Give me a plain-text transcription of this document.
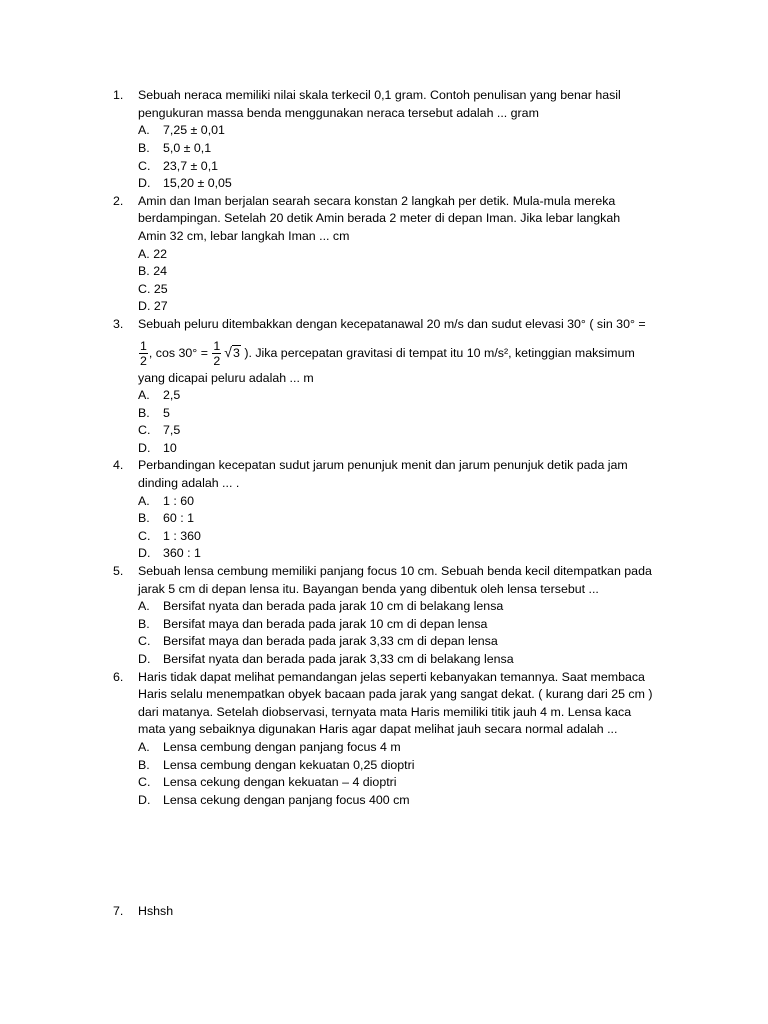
1. Sebuah neraca memiliki nilai skala terkecil 0,1 gram. Contoh penulisan yang benar hasil
pengukuran massa benda menggunakan neraca tersebut adalah ... gram
A. 7,25 ± 0,01
B. 5,0 ± 0,1
C. 23,7 ± 0,1
D. 15,20 ± 0,05
2. Amin dan Iman berjalan searah secara konstan 2 langkah per detik. Mula-mula mereka
berdampingan. Setelah 20 detik Amin berada 2 meter di depan Iman. Jika lebar langkah
Amin 32 cm, lebar langkah Iman ... cm
A. 22
B. 24
C. 25
D. 27
3. Sebuah peluru ditembakkan dengan kecepatanawal 20 m/s dan sudut elevasi 30° ( sin 30° =
$\frac{1}{2}$ , $\cos 30^\circ = \frac{1}{2} √3$ ). Jika percepatan gravitasi di tempat itu 10 m/s², ketinggian maksimum
yang dicapai peluru adalah ... m
A. 2,5
B. 5
C. 7,5
D. 10
4. Perbandingan kecepatan sudut jarum penunjuk menit dan jarum penunjuk detik pada jam
dinding adalah ... .
A. 1 : 60
B. 60 : 1
C. 1 : 360
D. 360 : 1
5. Sebuah lensa cembung memiliki panjang focus 10 cm. Sebuah benda kecil ditempatkan pada
jarak 5 cm di depan lensa itu. Bayangan benda yang dibentuk oleh lensa tersebut ...
A. Bersifat nyata dan berada pada jarak 10 cm di belakang lensa
B. Bersifat maya dan berada pada jarak 10 cm di depan lensa
C. Bersifat maya dan berada pada jarak 3,33 cm di depan lensa
D. Bersifat nyata dan berada pada jarak 3,33 cm di belakang lensa
6. Haris tidak dapat melihat pemandangan jelas seperti kebanyakan temannya. Saat membaca
Haris selalu menempatkan obyek bacaan pada jarak yang sangat dekat. ( kurang dari 25 cm )
dari matanya. Setelah diobservasi, ternyata mata Haris memiliki titik jauh 4 m. Lensa kaca
mata yang sebaiknya digunakan Haris agar dapat melihat jauh secara normal adalah ...
A. Lensa cembung dengan panjang focus 4 m
B. Lensa cembung dengan kekuatan 0,25 dioptri
C. Lensa cekung dengan kekuatan – 4 dioptri
D. Lensa cekung dengan panjang focus 400 cm
7. Hshsh
